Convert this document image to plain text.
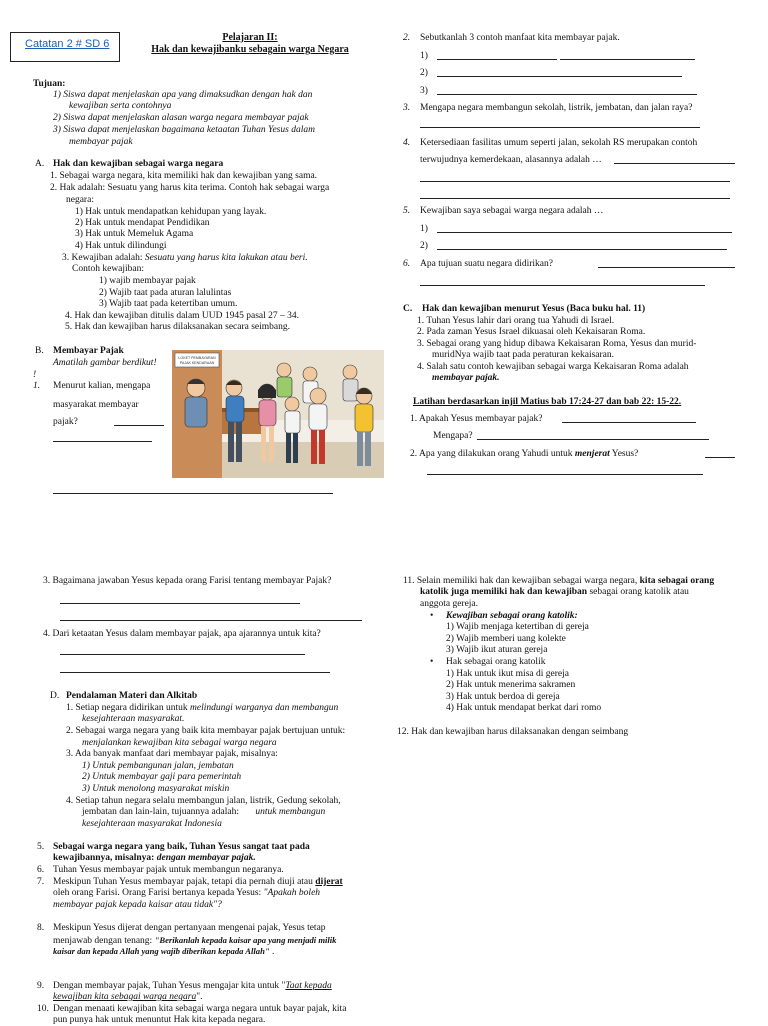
Catatan 2 # SD 6
Pelajaran II:
Hak dan kewajibanku sebagain warga Negara
Tujuan:
1) Siswa dapat menjelaskan apa yang dimaksudkan dengan hak dan
kewajiban serta contohnya
2) Siswa dapat menjelaskan alasan warga negara membayar pajak
3) Siswa dapat menjelaskan bagaimana ketaatan Tuhan Yesus dalam
membayar pajak
A. Hak dan kewajiban sebagai warga negara
1. Sebagai warga negara, kita memiliki hak dan kewajiban yang sama.
2. Hak adalah: Sesuatu yang harus kita terima. Contoh hak sebagai warga
negara:
1) Hak untuk mendapatkan kehidupan yang layak.
2) Hak untuk mendapat Pendidikan
3) Hak untuk Memeluk Agama
4) Hak untuk dilindungi
3. Kewajiban adalah: Sesuatu yang harus kita lakukan atau beri.
Contoh kewajiban:
1) wajib membayar pajak
2) Wajib taat pada aturan lalulintas
3) Wajib taat pada ketertiban umum.
4. Hak dan kewajiban ditulis dalam UUD 1945 pasal 27 – 34.
5. Hak dan kewajiban harus dilaksanakan secara seimbang.
B. Membayar Pajak
Amatilah gambar berdikut!
!
1. Menurut kalian, mengapa
masyarakat membayar
pajak?
LOKET PEMBAYARAN
PAJAK KENDARAAN
2. Sebutkanlah 3 contoh manfaat kita membayar pajak.
1)
2)
3)
3. Mengapa negara membangun sekolah, listrik, jembatan, dan jalan raya?
4. Ketersediaan fasilitas umum seperti jalan, sekolah RS merupakan contoh
terwujudnya kemerdekaan, alasannya adalah …
5. Kewajiban saya sebagai warga negara adalah …
1)
2)
6. Apa tujuan suatu negara didirikan?
C. Hak dan kewajiban menurut Yesus (Baca buku hal. 11)
1. Tuhan Yesus lahir dari orang tua Yahudi di Israel.
2. Pada zaman Yesus Israel dikuasai oleh Kekaisaran Roma.
3. Sebagai orang yang hidup dibawa Kekaisaran Roma, Yesus dan murid-
muridNya wajib taat pada peraturan kekaisaran.
4. Salah satu contoh kewajiban sebagai warga Kekaisaran Roma adalah
membayar pajak.
Latihan berdasarkan injil Matius bab 17:24-27 dan bab 22: 15-22.
1. Apakah Yesus membayar pajak?
Mengapa?
2. Apa yang dilakukan orang Yahudi untuk menjerat Yesus?
3. Bagaimana jawaban Yesus kepada orang Farisi tentang membayar Pajak?
4. Dari ketaatan Yesus dalam membayar pajak, apa ajarannya untuk kita?
D. Pendalaman Materi dan Alkitab
1. Setiap negara didirikan untuk melindungi warganya dan membangun
kesejahteraan masyarakat.
2. Sebagai warga negara yang baik kita membayar pajak bertujuan untuk:
menjalankan kewajiban kita sebagai warga negara
3. Ada banyak manfaat dari membayar pajak, misalnya:
1) Untuk pembangunan jalan, jembatan
2) Untuk membayar gaji para pemerintah
3) Untuk menolong masyarakat miskin
4. Setiap tahun negara selalu membangun jalan, listrik, Gedung sekolah,
jembatan dan lain-lain, tujuannya adalah: untuk membangun
kesejahteraan masyarakat Indonesia
5. Sebagai warga negara yang baik, Tuhan Yesus sangat taat pada
kewajibannya, misalnya: dengan membayar pajak.
6. Tuhan Yesus membayar pajak untuk membangun negaranya.
7. Meskipun Tuhan Yesus membayar pajak, tetapi dia pernah diuji atau dijerat
oleh orang Farisi. Orang Farisi bertanya kepada Yesus: "Apakah boleh
membayar pajak kepada kaisar atau tidak"?
8. Meskipun Yesus dijerat dengan pertanyaan mengenai pajak, Yesus tetap
menjawab dengan tenang: "Berikanlah kepada kaisar apa yang menjadi milik
kaisar dan kepada Allah yang wajib diberikan kepada Allah" .
9. Dengan membayar pajak, Tuhan Yesus mengajar kita untuk "Taat kepada
kewajiban kita sebagai warga negara".
10. Dengan menaati kewajiban kita sebagai warga negara untuk bayar pajak, kita
pun punya hak untuk menuntut Hak kita kepada negara.
11. Selain memiliki hak dan kewajiban sebagai warga negara, kita sebagai orang
katolik juga memiliki hak dan kewajiban sebagai orang katolik atau
anggota gereja.
• Kewajiban sebagai orang katolik:
1) Wajib menjaga ketertiban di gereja
2) Wajib memberi uang kolekte
3) Wajib ikut aturan gereja
• Hak sebagai orang katolik
1) Hak untuk ikut misa di gereja
2) Hak untuk menerima sakramen
3) Hak untuk berdoa di gereja
4) Hak untuk mendapat berkat dari romo
12. Hak dan kewajiban harus dilaksanakan dengan seimbang
